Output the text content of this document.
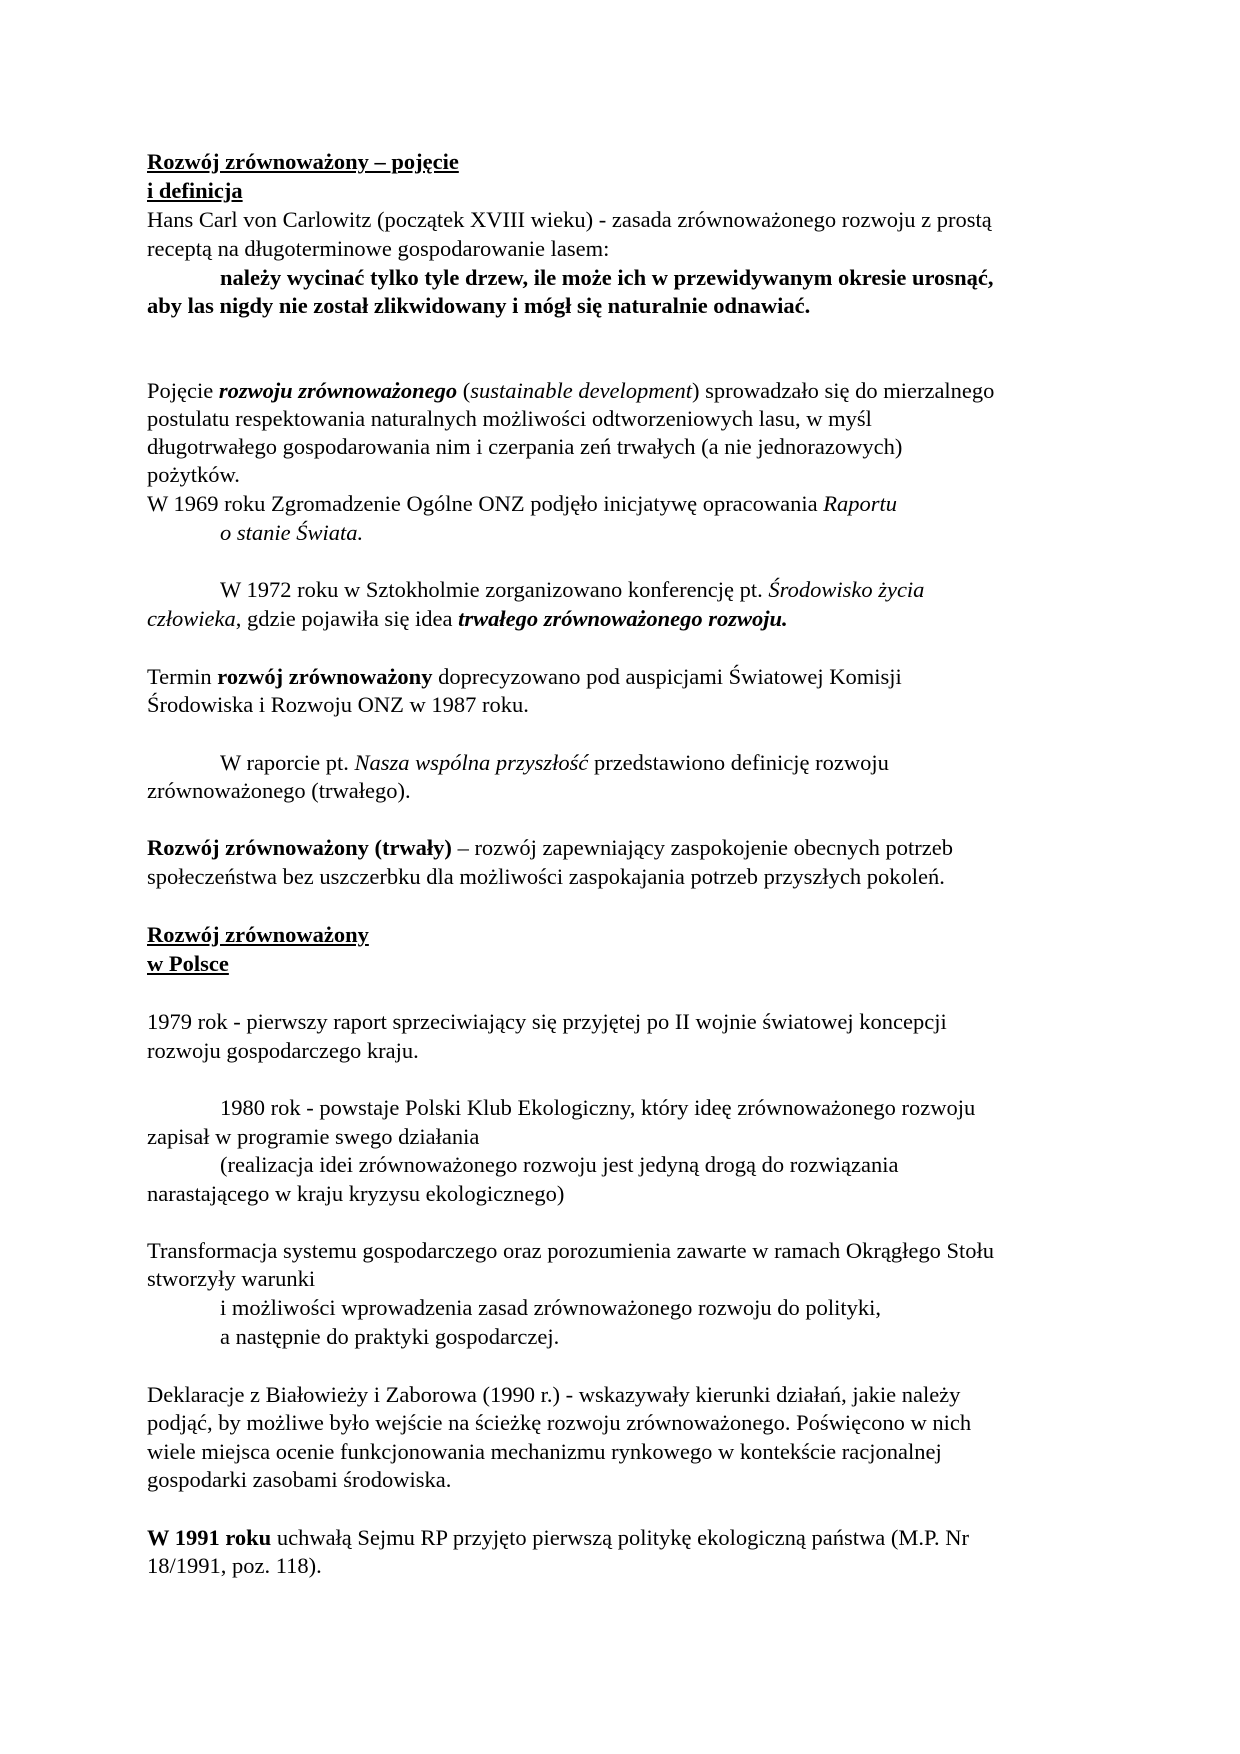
Rozwój zrównoważony – pojęcie
i definicja
Hans Carl von Carlowitz (początek XVIII wieku) - zasada zrównoważonego rozwoju z prostą
receptą na długoterminowe gospodarowanie lasem:
należy wycinać tylko tyle drzew, ile może ich w przewidywanym okresie urosnąć,
aby las nigdy nie został zlikwidowany i mógł się naturalnie odnawiać.
Pojęcie rozwoju zrównoważonego (sustainable development) sprowadzało się do mierzalnego
postulatu respektowania naturalnych możliwości odtworzeniowych lasu, w myśl
długotrwałego gospodarowania nim i czerpania zeń trwałych (a nie jednorazowych)
pożytków.
W 1969 roku Zgromadzenie Ogólne ONZ podjęło inicjatywę opracowania Raportu
o stanie Świata.
W 1972 roku w Sztokholmie zorganizowano konferencję pt. Środowisko życia
człowieka, gdzie pojawiła się idea trwałego zrównoważonego rozwoju.
Termin rozwój zrównoważony doprecyzowano pod auspicjami Światowej Komisji
Środowiska i Rozwoju ONZ w 1987 roku.
W raporcie pt. Nasza wspólna przyszłość przedstawiono definicję rozwoju
zrównoważonego (trwałego).
Rozwój zrównoważony (trwały) – rozwój zapewniający zaspokojenie obecnych potrzeb
społeczeństwa bez uszczerbku dla możliwości zaspokajania potrzeb przyszłych pokoleń.
Rozwój zrównoważony
w Polsce
1979 rok - pierwszy raport sprzeciwiający się przyjętej po II wojnie światowej koncepcji
rozwoju gospodarczego kraju.
1980 rok - powstaje Polski Klub Ekologiczny, który ideę zrównoważonego rozwoju
zapisał w programie swego działania
(realizacja idei zrównoważonego rozwoju jest jedyną drogą do rozwiązania
narastającego w kraju kryzysu ekologicznego)
Transformacja systemu gospodarczego oraz porozumienia zawarte w ramach Okrągłego Stołu
stworzyły warunki
i możliwości wprowadzenia zasad zrównoważonego rozwoju do polityki,
a następnie do praktyki gospodarczej.
Deklaracje z Białowieży i Zaborowa (1990 r.) - wskazywały kierunki działań, jakie należy
podjąć, by możliwe było wejście na ścieżkę rozwoju zrównoważonego. Poświęcono w nich
wiele miejsca ocenie funkcjonowania mechanizmu rynkowego w kontekście racjonalnej
gospodarki zasobami środowiska.
W 1991 roku uchwałą Sejmu RP przyjęto pierwszą politykę ekologiczną państwa (M.P. Nr
18/1991, poz. 118).
